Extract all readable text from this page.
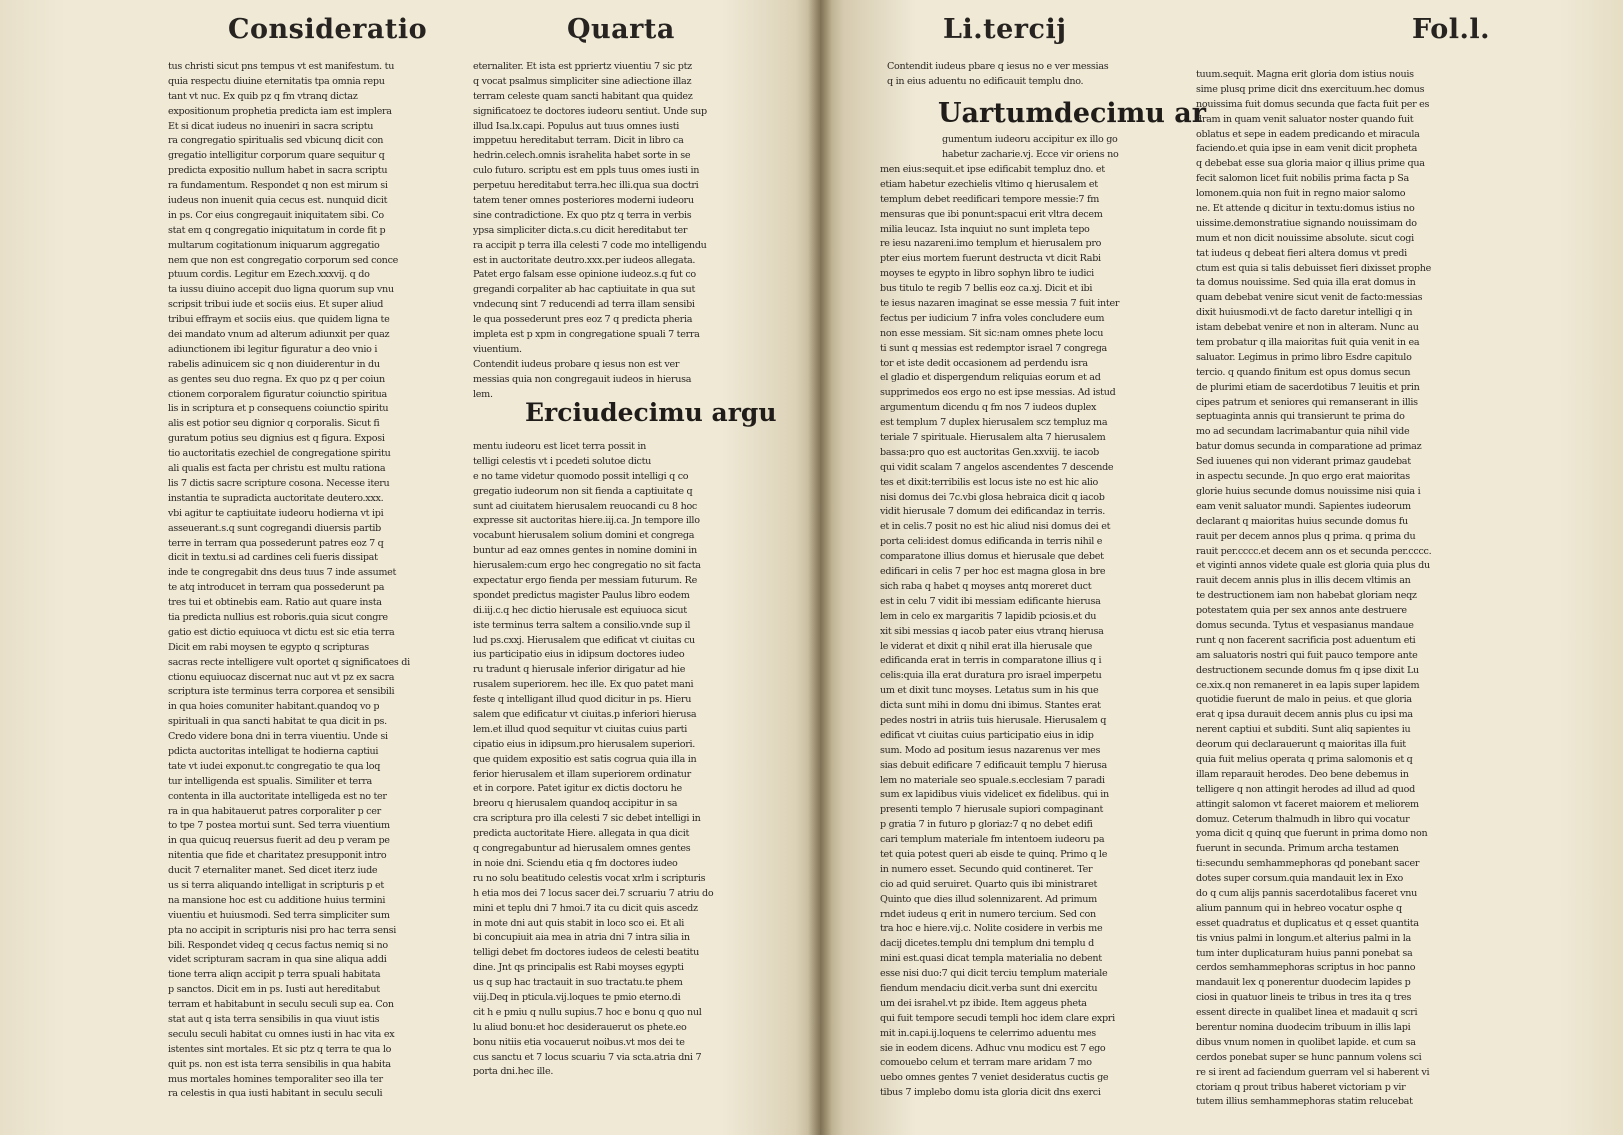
Consideratio	Quarta	Li.tercij	Fol.l.
tus christi sicut pns tempus vt est manifestum. tu
quia respectu diuine eternitatis tpa omnia repu
tant vt nuc. Ex quib pz q fm vtranq dictaz
expositionum prophetia predicta iam est implera
Et si dicat iudeus no inueniri in sacra scriptu
ra congregatio spiritualis sed vbicunq dicit con
gregatio intelligitur corporum quare sequitur q
predicta expositio nullum habet in sacra scriptu
ra fundamentum. Respondet q non est mirum si
iudeus non inuenit quia cecus est. nunquid dicit
in ps. Cor eius congregauit iniquitatem sibi. Co
stat em q congregatio iniquitatum in corde fit p
multarum cogitationum iniquarum aggregatio
nem que non est congregatio corporum sed conce
ptuum cordis. Legitur em Ezech.xxxvij. q do
ta iussu diuino accepit duo ligna quorum sup vnu
scripsit tribui iude et sociis eius. Et super aliud
tribui effraym et sociis eius. que quidem ligna te
dei mandato vnum ad alterum adiunxit per quaz
adiunctionem ibi legitur figuratur a deo vnio i
rabelis adinuicem sic q non diuiderentur in du
as gentes seu duo regna. Ex quo pz q per coiun
ctionem corporalem figuratur coiunctio spiritua
lis in scriptura et p consequens coiunctio spiritu
alis est potior seu dignior q corporalis. Sicut fi
guratum potius seu dignius est q figura. Exposi
tio auctoritatis ezechiel de congregatione spiritu
ali qualis est facta per christu est multu rationa
lis 7 dictis sacre scripture cosona. Necesse iteru
instantia te supradicta auctoritate deutero.xxx.
vbi agitur te captiuitate iudeoru hodierna vt ipi
asseuerant.s.q sunt cogregandi diuersis partib
terre in terram qua possederunt patres eoz 7 q
dicit in textu.si ad cardines celi fueris dissipat
inde te congregabit dns deus tuus 7 inde assumet
te atq introducet in terram qua possederunt pa
tres tui et obtinebis eam. Ratio aut quare insta
tia predicta nullius est roboris.quia sicut congre
gatio est dictio equiuoca vt dictu est sic etia terra
Dicit em rabi moysen te egypto q scripturas
sacras recte intelligere vult oportet q significatoes di
ctionu equiuocaz discernat nuc aut vt pz ex sacra
scriptura iste terminus terra corporea et sensibili
in qua hoies comuniter habitant.quandoq vo p
spirituali in qua sancti habitat te qua dicit in ps.
Credo videre bona dni in terra viuentiu. Unde si
pdicta auctoritas intelligat te hodierna captiui
tate vt iudei exponut.tc congregatio te qua loq
tur intelligenda est spualis. Similiter et terra
contenta in illa auctoritate intelligeda est no ter
ra in qua habitauerut patres corporaliter p cer
to tpe 7 postea mortui sunt. Sed terra viuentium
in qua quicuq reuersus fuerit ad deu p veram pe
nitentia que fide et charitatez presupponit intro
ducit 7 eternaliter manet. Sed dicet iterz iude
us si terra aliquando intelligat in scripturis p et
na mansione hoc est cu additione huius termini
viuentiu et huiusmodi. Sed terra simpliciter sum
pta no accipit in scripturis nisi pro hac terra sensi
bili. Respondet videq q cecus factus nemiq si no
videt scripturam sacram in qua sine aliqua addi
tione terra aliqn accipit p terra spuali habitata
p sanctos. Dicit em in ps. Iusti aut hereditabut
terram et habitabunt in seculu seculi sup ea. Con
stat aut q ista terra sensibilis in qua viuut istis
seculu seculi habitat cu omnes iusti in hac vita ex
istentes sint mortales. Et sic ptz q terra te qua lo
quit ps. non est ista terra sensibilis in qua habita
mus mortales homines temporaliter seo illa ter
ra celestis in qua iusti habitant in seculu seculi
eternaliter. Et ista est ppriertz viuentiu 7 sic ptz
q vocat psalmus simpliciter sine adiectione illaz
terram celeste quam sancti habitant qua quidez
significatoez te doctores iudeoru sentiut. Unde sup
illud Isa.lx.capi. Populus aut tuus omnes iusti
imppetuu hereditabut terram. Dicit in libro ca
hedrin.celech.omnis israhelita habet sorte in se
culo futuro. scriptu est em ppls tuus omes iusti in
perpetuu hereditabut terra.hec illi.qua sua doctri
tatem tener omnes posteriores moderni iudeoru
sine contradictione. Ex quo ptz q terra in verbis
ypsa simpliciter dicta.s.cu dicit hereditabut ter
ra accipit p terra illa celesti 7 code mo intelligendu
est in auctoritate deutro.xxx.per iudeos allegata.
Patet ergo falsam esse opinione iudeoz.s.q fut co
gregandi corpaliter ab hac captiuitate in qua sut
vndecunq sint 7 reducendi ad terra illam sensibi
le qua possederunt pres eoz 7 q predicta pheria
impleta est p xpm in congregatione spuali 7 terra
viuentium.
Contendit iudeus probare q iesus non est ver
messias quia non congregauit iudeos in hierusa
lem.
Erciudecimu argu
mentu iudeoru est licet terra possit in
telligi celestis vt i pcedeti solutoe dictu
e no tame videtur quomodo possit intelligi q co
gregatio iudeorum non sit fienda a captiuitate q
sunt ad ciuitatem hierusalem reuocandi cu 8 hoc
expresse sit auctoritas hiere.iij.ca. Jn tempore illo
vocabunt hierusalem solium domini et congrega
buntur ad eaz omnes gentes in nomine domini in
hierusalem:cum ergo hec congregatio no sit facta
expectatur ergo fienda per messiam futurum. Re
spondet predictus magister Paulus libro eodem
di.iij.c.q hec dictio hierusale est equiuoca sicut
iste terminus terra saltem a consilio.vnde sup il
lud ps.cxxj. Hierusalem que edificat vt ciuitas cu
ius participatio eius in idipsum doctores iudeo
ru tradunt q hierusale inferior dirigatur ad hie
rusalem superiorem. hec ille. Ex quo patet mani
feste q intelligant illud quod dicitur in ps. Hieru
salem que edificatur vt ciuitas.p inferiori hierusa
lem.et illud quod sequitur vt ciuitas cuius parti
cipatio eius in idipsum.pro hierusalem superiori.
que quidem expositio est satis cogrua quia illa in
ferior hierusalem et illam superiorem ordinatur
et in corpore. Patet igitur ex dictis doctoru he
breoru q hierusalem quandoq accipitur in sa
cra scriptura pro illa celesti 7 sic debet intelligi in
predicta auctoritate Hiere. allegata in qua dicit
q congregabuntur ad hierusalem omnes gentes
in noie dni. Sciendu etia q fm doctores iudeo
ru no solu beatitudo celestis vocat xrlm i scripturis
h etia mos dei 7 locus sacer dei.7 scruariu 7 atriu do
mini et teplu dni 7 hmoi.7 ita cu dicit quis ascedz
in mote dni aut quis stabit in loco sco ei. Et ali
bi concupiuit aia mea in atria dni 7 intra silia in
telligi debet fm doctores iudeos de celesti beatitu
dine. Jnt qs principalis est Rabi moyses egypti
us q sup hac tractauit in suo tractatu.te phem
viij.Deq in pticula.vij.loques te pmio eterno.di
cit h e pmiu q nullu supius.7 hoc e bonu q quo nul
lu aliud bonu:et hoc desiderauerut os phete.eo
bonu nitiis etia vocauerut noibus.vt mos dei te
cus sanctu et 7 locus scuariu 7 via scta.atria dni 7
porta dni.hec ille.
Contendit iudeus pbare q iesus no e ver messias
q in eius aduentu no edificauit templu dno.
Uartumdecimu ar
gumentum iudeoru accipitur ex illo go
habetur zacharie.vj. Ecce vir oriens no
men eius:sequit.et ipse edificabit templuz dno. et
etiam habetur ezechielis vltimo q hierusalem et
templum debet reedificari tempore messie:7 fm
mensuras que ibi ponunt:spacui erit vltra decem
milia leucaz. Ista inquiut no sunt impleta tepo
re iesu nazareni.imo templum et hierusalem pro
pter eius mortem fuerunt destructa vt dicit Rabi
moyses te egypto in libro sophyn libro te iudici
bus titulo te regib 7 bellis eoz ca.xj. Dicit et ibi
te iesus nazaren imaginat se esse messia 7 fuit inter
fectus per iudicium 7 infra voles concludere eum
non esse messiam. Sit sic:nam omnes phete locu
ti sunt q messias est redemptor israel 7 congrega
tor et iste dedit occasionem ad perdendu isra
el gladio et dispergendum reliquias eorum et ad
supprimedos eos ergo no est ipse messias. Ad istud
argumentum dicendu q fm nos 7 iudeos duplex
est templum 7 duplex hierusalem scz templuz ma
teriale 7 spirituale. Hierusalem alta 7 hierusalem
bassa:pro quo est auctoritas Gen.xxviij. te iacob
qui vidit scalam 7 angelos ascendentes 7 descende
tes et dixit:terribilis est locus iste no est hic alio
nisi domus dei 7c.vbi glosa hebraica dicit q iacob
vidit hierusale 7 domum dei edificandaz in terris.
et in celis.7 posit no est hic aliud nisi domus dei et
porta celi:idest domus edificanda in terris nihil e
comparatone illius domus et hierusale que debet
edificari in celis 7 per hoc est magna glosa in bre
sich raba q habet q moyses antq moreret duct
est in celu 7 vidit ibi messiam edificante hierusa
lem in celo ex margaritis 7 lapidib pciosis.et du
xit sibi messias q iacob pater eius vtranq hierusa
le viderat et dixit q nihil erat illa hierusale que
edificanda erat in terris in comparatone illius q i
celis:quia illa erat duratura pro israel imperpetu
um et dixit tunc moyses. Letatus sum in his que
dicta sunt mihi in domu dni ibimus. Stantes erat
pedes nostri in atriis tuis hierusale. Hierusalem q
edificat vt ciuitas cuius participatio eius in idip
sum. Modo ad positum iesus nazarenus ver mes
sias debuit edificare 7 edificauit templu 7 hierusa
lem no materiale seo spuale.s.ecclesiam 7 paradi
sum ex lapidibus viuis videlicet ex fidelibus. qui in
presenti templo 7 hierusale supiori compaginant
p gratia 7 in futuro p gloriaz:7 q no debet edifi
cari templum materiale fm intentoem iudeoru pa
tet quia potest queri ab eisde te quinq. Primo q le
in numero esset. Secundo quid contineret. Ter
cio ad quid seruiret. Quarto quis ibi ministraret
Quinto que dies illud solennizarent. Ad primum
rndet iudeus q erit in numero tercium. Sed con
tra hoc e hiere.vij.c. Nolite cosidere in verbis me
dacij dicetes.templu dni templum dni templu d
mini est.quasi dicat templa materialia no debent
esse nisi duo:7 qui dicit terciu templum materiale
fiendum mendaciu dicit.verba sunt dni exercitu
um dei israhel.vt pz ibide. Item aggeus pheta
qui fuit tempore secudi templi hoc idem clare expri
mit in.capi.ij.loquens te celerrimo aduentu mes
sie in eodem dicens. Adhuc vnu modicu est 7 ego
comouebo celum et terram mare aridam 7 mo
uebo omnes gentes 7 veniet desideratus cuctis ge
tibus 7 implebo domu ista gloria dicit dns exerci
tuum.sequit. Magna erit gloria dom istius nouis
sime plusq prime dicit dns exercituum.hec domus
nouissima fuit domus secunda que facta fuit per es
dram in quam venit saluator noster quando fuit
oblatus et sepe in eadem predicando et miracula
faciendo.et quia ipse in eam venit dicit propheta
q debebat esse sua gloria maior q illius prime qua
fecit salomon licet fuit nobilis prima facta p Sa
lomonem.quia non fuit in regno maior salomo
ne. Et attende q dicitur in textu:domus istius no
uissime.demonstratiue signando nouissimam do
mum et non dicit nouissime absolute. sicut cogi
tat iudeus q debeat fieri altera domus vt predi
ctum est quia si talis debuisset fieri dixisset prophe
ta domus nouissime. Sed quia illa erat domus in
quam debebat venire sicut venit de facto:messias
dixit huiusmodi.vt de facto daretur intelligi q in
istam debebat venire et non in alteram. Nunc au
tem probatur q illa maioritas fuit quia venit in ea
saluator. Legimus in primo libro Esdre capitulo
tercio. q quando finitum est opus domus secun
de plurimi etiam de sacerdotibus 7 leuitis et prin
cipes patrum et seniores qui remanserant in illis
septuaginta annis qui transierunt te prima do
mo ad secundam lacrimabantur quia nihil vide
batur domus secunda in comparatione ad primaz
Sed iuuenes qui non viderant primaz gaudebat
in aspectu secunde. Jn quo ergo erat maioritas
glorie huius secunde domus nouissime nisi quia i
eam venit saluator mundi. Sapientes iudeorum
declarant q maioritas huius secunde domus fu
rauit per decem annos plus q prima. q prima du
rauit per.cccc.et decem ann os et secunda per.cccc.
et viginti annos videte quale est gloria quia plus du
rauit decem annis plus in illis decem vltimis an
te destructionem iam non habebat gloriam neqz
potestatem quia per sex annos ante destruere
domus secunda. Tytus et vespasianus mandaue
runt q non facerent sacrificia post aduentum eti
am saluatoris nostri qui fuit pauco tempore ante
destructionem secunde domus fm q ipse dixit Lu
ce.xix.q non remaneret in ea lapis super lapidem
quotidie fuerunt de malo in peius. et que gloria
erat q ipsa durauit decem annis plus cu ipsi ma
nerent captiui et subditi. Sunt aliq sapientes iu
deorum qui declarauerunt q maioritas illa fuit
quia fuit melius operata q prima salomonis et q
illam reparauit herodes. Deo bene debemus in
telligere q non attingit herodes ad illud ad quod
attingit salomon vt faceret maiorem et meliorem
domuz. Ceterum thalmudh in libro qui vocatur
yoma dicit q quinq que fuerunt in prima domo non
fuerunt in secunda. Primum archa testamen
ti:secundu semhammephoras qd ponebant sacer
dotes super corsum.quia mandauit lex in Exo
do q cum alijs pannis sacerdotalibus faceret vnu
alium pannum qui in hebreo vocatur osphe q
esset quadratus et duplicatus et q esset quantita
tis vnius palmi in longum.et alterius palmi in la
tum inter duplicaturam huius panni ponebat sa
cerdos semhammephoras scriptus in hoc panno
mandauit lex q ponerentur duodecim lapides p
ciosi in quatuor lineis te tribus in tres ita q tres
essent directe in qualibet linea et madauit q scri
berentur nomina duodecim tribuum in illis lapi
dibus vnum nomen in quolibet lapide. et cum sa
cerdos ponebat super se hunc pannum volens sci
re si irent ad faciendum guerram vel si haberent vi
ctoriam q prout tribus haberet victoriam p vir
tutem illius semhammephoras statim relucebat
